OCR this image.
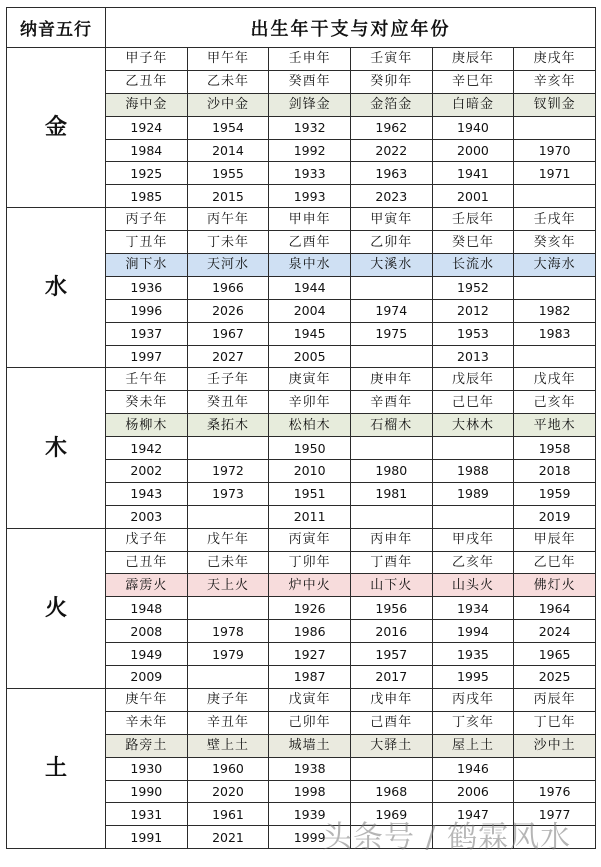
纳音五行	出生年干支与对应年份					
金	甲子年	甲午年	壬申年	壬寅年	庚辰年	庚戌年
	乙丑年	乙未年	癸酉年	癸卯年	辛巳年	辛亥年
	海中金	沙中金	剑锋金	金箔金	白暗金	钗钏金
	1924	1954	1932	1962	1940	
	1984	2014	1992	2022	2000	1970
	1925	1955	1933	1963	1941	1971
	1985	2015	1993	2023	2001	
水	丙子年	丙午年	甲申年	甲寅年	壬辰年	壬戌年
	丁丑年	丁未年	乙酉年	乙卯年	癸巳年	癸亥年
	涧下水	天河水	泉中水	大溪水	长流水	大海水
	1936	1966	1944		1952	
	1996	2026	2004	1974	2012	1982
	1937	1967	1945	1975	1953	1983
	1997	2027	2005		2013	
木	壬午年	壬子年	庚寅年	庚申年	戊辰年	戊戌年
	癸未年	癸丑年	辛卯年	辛酉年	己巳年	己亥年
	杨柳木	桑拓木	松柏木	石榴木	大林木	平地木
	1942		1950			1958
	2002	1972	2010	1980	1988	2018
	1943	1973	1951	1981	1989	1959
	2003		2011			2019
火	戊子年	戊午年	丙寅年	丙申年	甲戌年	甲辰年
	己丑年	己未年	丁卯年	丁酉年	乙亥年	乙巳年
	霹雳火	天上火	炉中火	山下火	山头火	佛灯火
	1948		1926	1956	1934	1964
	2008	1978	1986	2016	1994	2024
	1949	1979	1927	1957	1935	1965
	2009		1987	2017	1995	2025
土	庚午年	庚子年	戊寅年	戊申年	丙戌年	丙辰年
	辛未年	辛丑年	己卯年	己酉年	丁亥年	丁巳年
	路旁土	壁上土	城墙土	大驿土	屋上土	沙中土
	1930	1960	1938		1946	
	1990	2020	1998	1968	2006	1976
	1931	1961	1939	1969	1947	1977
	1991	2021	1999			
头条号 / 鹤霖风水
